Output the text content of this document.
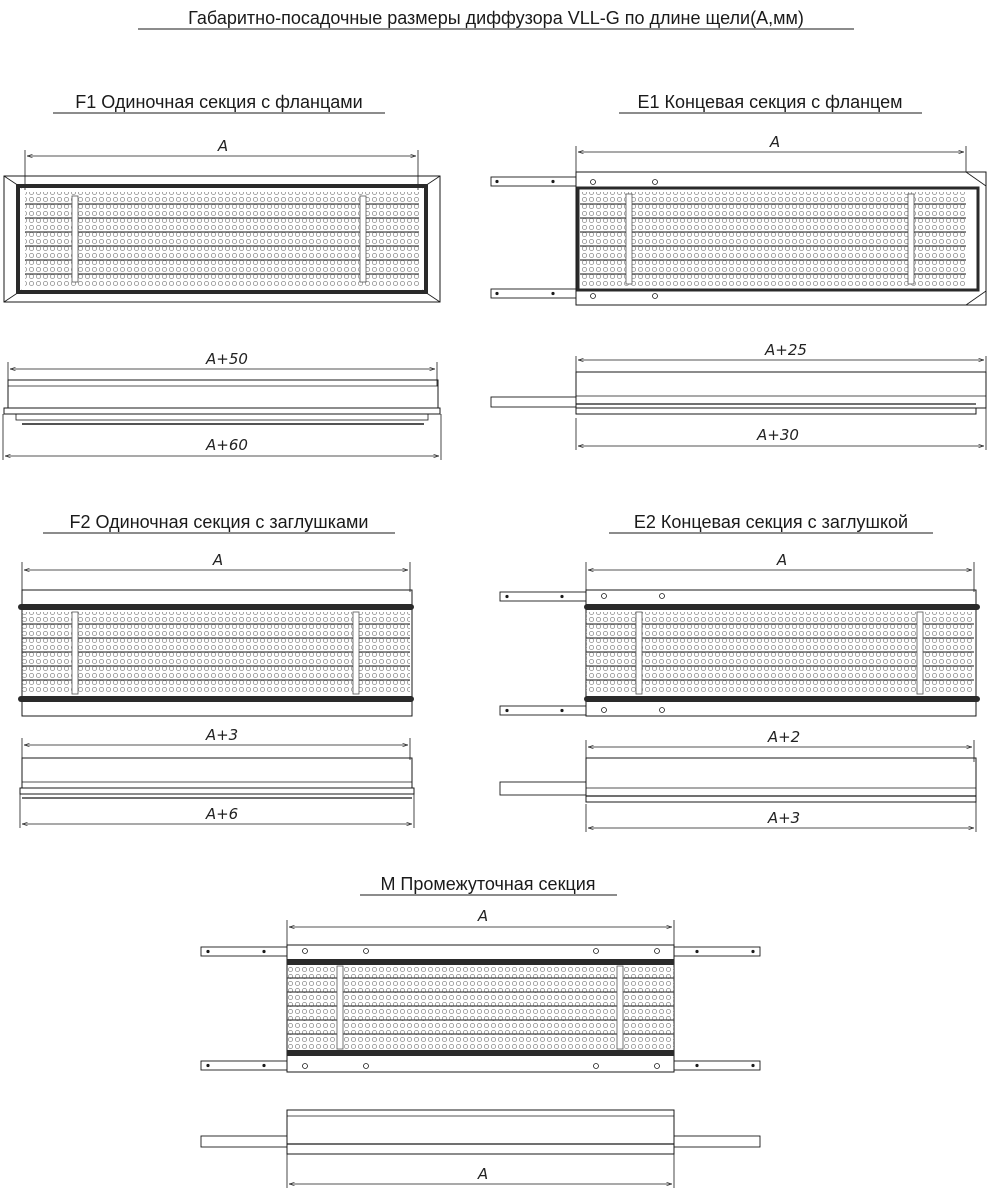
Габаритно-посадочные размеры диффузора VLL-G по длине щели(А,мм)
F1 Одиночная секция с фланцами
A
A+50
A+60
E1 Концевая секция с фланцем
A
A+25
A+30
F2 Одиночная секция с заглушками
A
A+3
A+6
E2 Концевая секция с заглушкой
A
A+2
A+3
M Промежуточная секция
A
A
